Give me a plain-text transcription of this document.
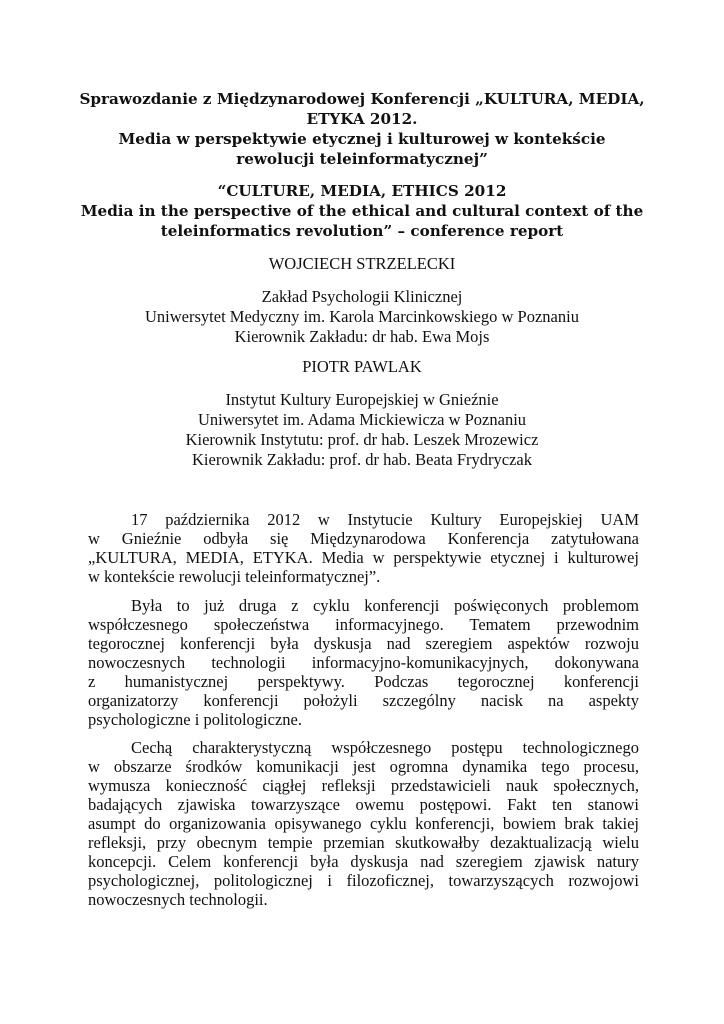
Sprawozdanie z Międzynarodowej Konferencji „KULTURA, MEDIA,
ETYKA 2012.
Media w perspektywie etycznej i kulturowej w kontekście
rewolucji teleinformatycznej”
“CULTURE, MEDIA, ETHICS 2012
Media in the perspective of the ethical and cultural context of the
teleinformatics revolution” – conference report
WOJCIECH STRZELECKI
Zakład Psychologii Klinicznej
Uniwersytet Medyczny im. Karola Marcinkowskiego w Poznaniu
Kierownik Zakładu: dr hab. Ewa Mojs
PIOTR PAWLAK
Instytut Kultury Europejskiej w Gnieźnie
Uniwersytet im. Adama Mickiewicza w Poznaniu
Kierownik Instytutu: prof. dr hab. Leszek Mrozewicz
Kierownik Zakładu: prof. dr hab. Beata Frydryczak
17 października 2012 w Instytucie Kultury Europejskiej UAM
w Gnieźnie odbyła się Międzynarodowa Konferencja zatytułowana
„KULTURA, MEDIA, ETYKA. Media w perspektywie etycznej i kulturowej
w kontekście rewolucji teleinformatycznej”.
Była to już druga z cyklu konferencji poświęconych problemom
współczesnego społeczeństwa informacyjnego. Tematem przewodnim
tegorocznej konferencji była dyskusja nad szeregiem aspektów rozwoju
nowoczesnych technologii informacyjno-komunikacyjnych, dokonywana
z humanistycznej perspektywy. Podczas tegorocznej konferencji
organizatorzy konferencji położyli szczególny nacisk na aspekty
psychologiczne i politologiczne.
Cechą charakterystyczną współczesnego postępu technologicznego
w obszarze środków komunikacji jest ogromna dynamika tego procesu,
wymusza konieczność ciągłej refleksji przedstawicieli nauk społecznych,
badających zjawiska towarzyszące owemu postępowi. Fakt ten stanowi
asumpt do organizowania opisywanego cyklu konferencji, bowiem brak takiej
refleksji, przy obecnym tempie przemian skutkowałby dezaktualizacją wielu
koncepcji. Celem konferencji była dyskusja nad szeregiem zjawisk natury
psychologicznej, politologicznej i filozoficznej, towarzyszących rozwojowi
nowoczesnych technologii.
